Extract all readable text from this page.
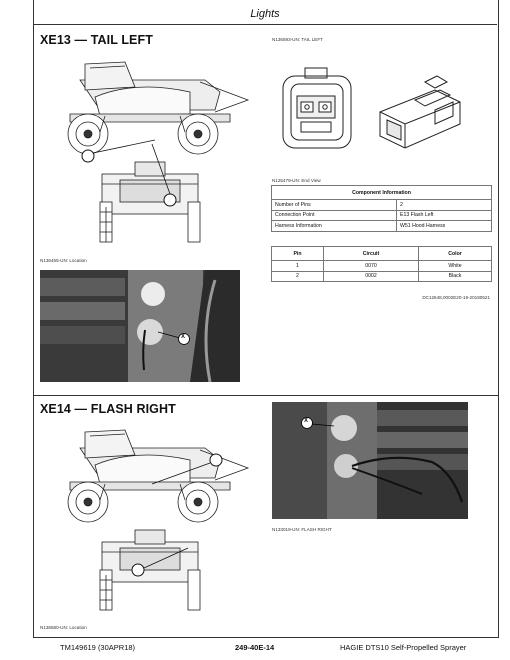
Lights
XE13 — TAIL LEFT
N136455-UN: Location
X
N136593-UN: TAIL LEFT
N125479-UN: End View
Component Information	
Number of Pins	2
Connection Point	E13 Flash Left
Harness Information	W51 Hood Harness
Pin	Circuit	Color
1	0070	White
2	0002	Black
DC12648,0002E20-19-20180521
XE14 — FLASH RIGHT
N136580-UN: Location
X
N133019-UN: FLASH RIGHT
TM149619 (30APR18)	249-40E-14	HAGIE DTS10 Self-Propelled Sprayer
